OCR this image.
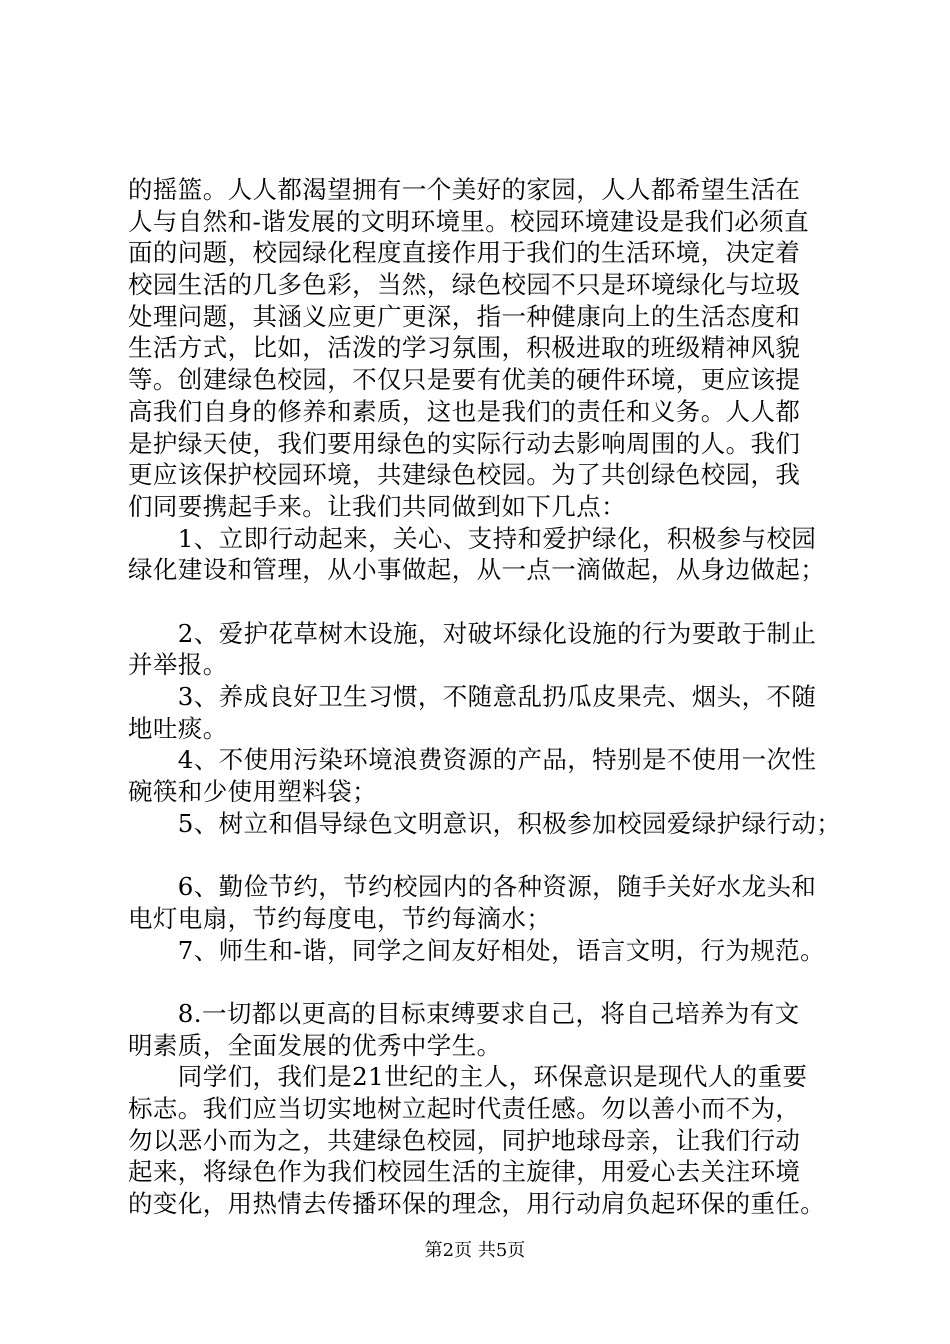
的摇篮。人人都渴望拥有一个美好的家园，人人都希望生活在
人与自然和-谐发展的文明环境里。校园环境建设是我们必须直
面的问题，校园绿化程度直接作用于我们的生活环境，决定着
校园生活的几多色彩，当然，绿色校园不只是环境绿化与垃圾
处理问题，其涵义应更广更深，指一种健康向上的生活态度和
生活方式，比如，活泼的学习氛围，积极进取的班级精神风貌
等。创建绿色校园，不仅只是要有优美的硬件环境，更应该提
高我们自身的修养和素质，这也是我们的责任和义务。人人都
是护绿天使，我们要用绿色的实际行动去影响周围的人。我们
更应该保护校园环境，共建绿色校园。为了共创绿色校园，我
们同要携起手来。让我们共同做到如下几点：
　　1、立即行动起来，关心、支持和爱护绿化，积极参与校园
绿化建设和管理，从小事做起，从一点一滴做起，从身边做起；
　　2、爱护花草树木设施，对破坏绿化设施的行为要敢于制止
并举报。
　　3、养成良好卫生习惯，不随意乱扔瓜皮果壳、烟头，不随
地吐痰。
　　4、不使用污染环境浪费资源的产品，特别是不使用一次性
碗筷和少使用塑料袋；
　　5、树立和倡导绿色文明意识，积极参加校园爱绿护绿行动；
　　6、勤俭节约，节约校园内的各种资源，随手关好水龙头和
电灯电扇，节约每度电，节约每滴水；
　　7、师生和-谐，同学之间友好相处，语言文明，行为规范。
　　8.一切都以更高的目标束缚要求自己，将自己培养为有文
明素质，全面发展的优秀中学生。
　　同学们，我们是21世纪的主人，环保意识是现代人的重要
标志。我们应当切实地树立起时代责任感。勿以善小而不为，
勿以恶小而为之，共建绿色校园，同护地球母亲，让我们行动
起来，将绿色作为我们校园生活的主旋律，用爱心去关注环境
的变化，用热情去传播环保的理念，用行动肩负起环保的重任。
第2页 共5页
